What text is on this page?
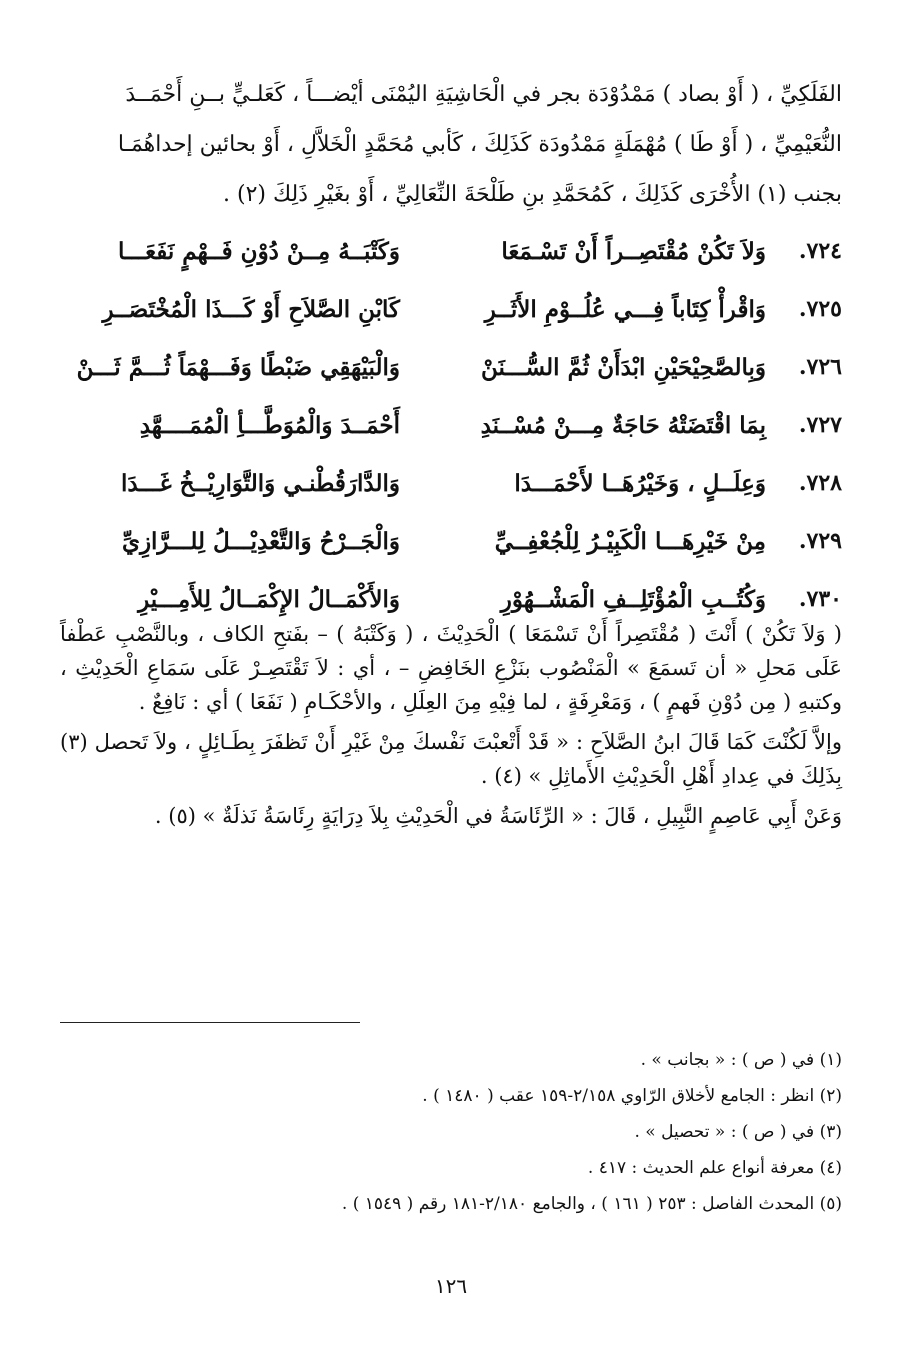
الفَلَكِيِّ ، ( أَوْ بصاد ) مَمْدُوْدَة بجر في الْحَاشِيَةِ اليُمْنَى أيْضـــاً ، كَعَلـيٍّ بــنِ أَحْمَــدَ
النُّعَيْمِيِّ ، ( أَوْ طَا ) مُهْمَلَةٍ مَمْدُودَة كَذَلِكَ ، كَأبي مُحَمَّدٍ الْخَلاَّلِ ، أَوْ بحائين إحداهُمَـا
بجنب (١) الأُخْرَى كَذَلِكَ ، كَمُحَمَّدِ بنِ طَلْحَةَ النِّعَالِيِّ ، أَوْ بغَيْرِ ذَلِكَ (٢) .
٧٢٤.
وَلاَ تَكُنْ مُقْتَصِــراً أَنْ تَسْـمَعَا
وَكَتْبَــهُ مِــنْ دُوْنِ فَــهْمٍ نَفَعَـــا
٧٢٥.
وَاقْرأْ كِتَاباً فِـــي عُلُــوْمِ الأَثَــرِ
كَابْنِ الصَّلاَحِ أَوْ كَـــذَا الْمُخْتَصَــرِ
٧٢٦.
وَبِالصَّحِيْحَيْنِ ابْدَأَنْ ثُمَّ السُّـــنَنْ
وَالْبَيْهَقِي ضَبْطًا وَفَـــهْمَاً ثُـــمَّ ثَـــنْ
٧٢٧.
بِمَا اقْتَضَتْهُ حَاجَةٌ مِـــنْ مُسْــنَدِ
أَحْمَــدَ وَالْمُوَطَّـــأِ الْمُمَــــهَّدِ
٧٢٨.
وَعِلَــلٍ ، وَخَيْرُهَــا لأَحْمَـــدَا
وَالدَّارَقُطْنـي وَالتَّوَارِيْــخُ غَـــدَا
٧٢٩.
مِنْ خَيْرِهَـــا الْكَبِيْـرُ لِلْجُعْفِــيِّ
وَالْجَــرْحُ وَالتَّعْدِيْـــلُ لِلـــرَّازِيِّ
٧٣٠.
وَكُتُــبِ الْمُؤْتَلِــفِ الْمَشْــهُوْرِ
وَالأَكْمَــالُ الإِكْمَــالُ لِلأَمِـــيْرِ

( وَلاَ تَكُنْ ) أَنْتَ ( مُقْتَصِراً أَنْ تَسْمَعَا ) الْحَدِيْثَ ، ( وَكَتْبَهُ ) – بفَتحِ الكاف ، وبالنَّصْبِ عَطْفاً عَلَى مَحلِ « أن تَسمَعَ » الْمَنْصُوب بنَزْعِ الخَافِضِ – ، أي : لاَ تَقْتَصِـرْ عَلَى سَمَاعِ الْحَدِيْثِ ، وكتبهِ ( مِن دُوْنِ فَهمٍ ) ، وَمَعْرِفَةٍ ، لما فِيْهِ مِنَ العِلَلِ ، والأحْكَـامِ ( نَفَعَا ) أي : نَافِعٌ .

وإلاَّ لَكُنْتَ كَمَا قَالَ ابنُ الصَّلاَحِ : « قَدْ أَتْعبْتَ نَفْسكَ مِنْ غَيْرِ أَنْ تَظفَرَ بِطَـائِلٍ ، ولاَ تَحصل (٣) بِذَلِكَ في عِدادِ أَهْلِ الْحَدِيْثِ الأَماثِلِ » (٤) .

وَعَنْ أَبِي عَاصِمٍ النَّبِيلِ ، قَالَ : « الرِّئَاسَةُ في الْحَدِيْثِ بِلاَ دِرَايَةٍ رِئَاسَةُ نَذلَةٌ » (٥) .

(١) في ( ص ) : « بجانب » .
(٢) انظر : الجامع لأخلاق الرّاوي ٢/١٥٨-١٥٩ عقب ( ١٤٨٠ ) .
(٣) في ( ص ) : « تحصيل » .
(٤) معرفة أنواع علم الحديث : ٤١٧ .
(٥) المحدث الفاصل : ٢٥٣ ( ١٦١ ) ، والجامع ٢/١٨٠-١٨١ رقم ( ١٥٤٩ ) .
١٢٦
